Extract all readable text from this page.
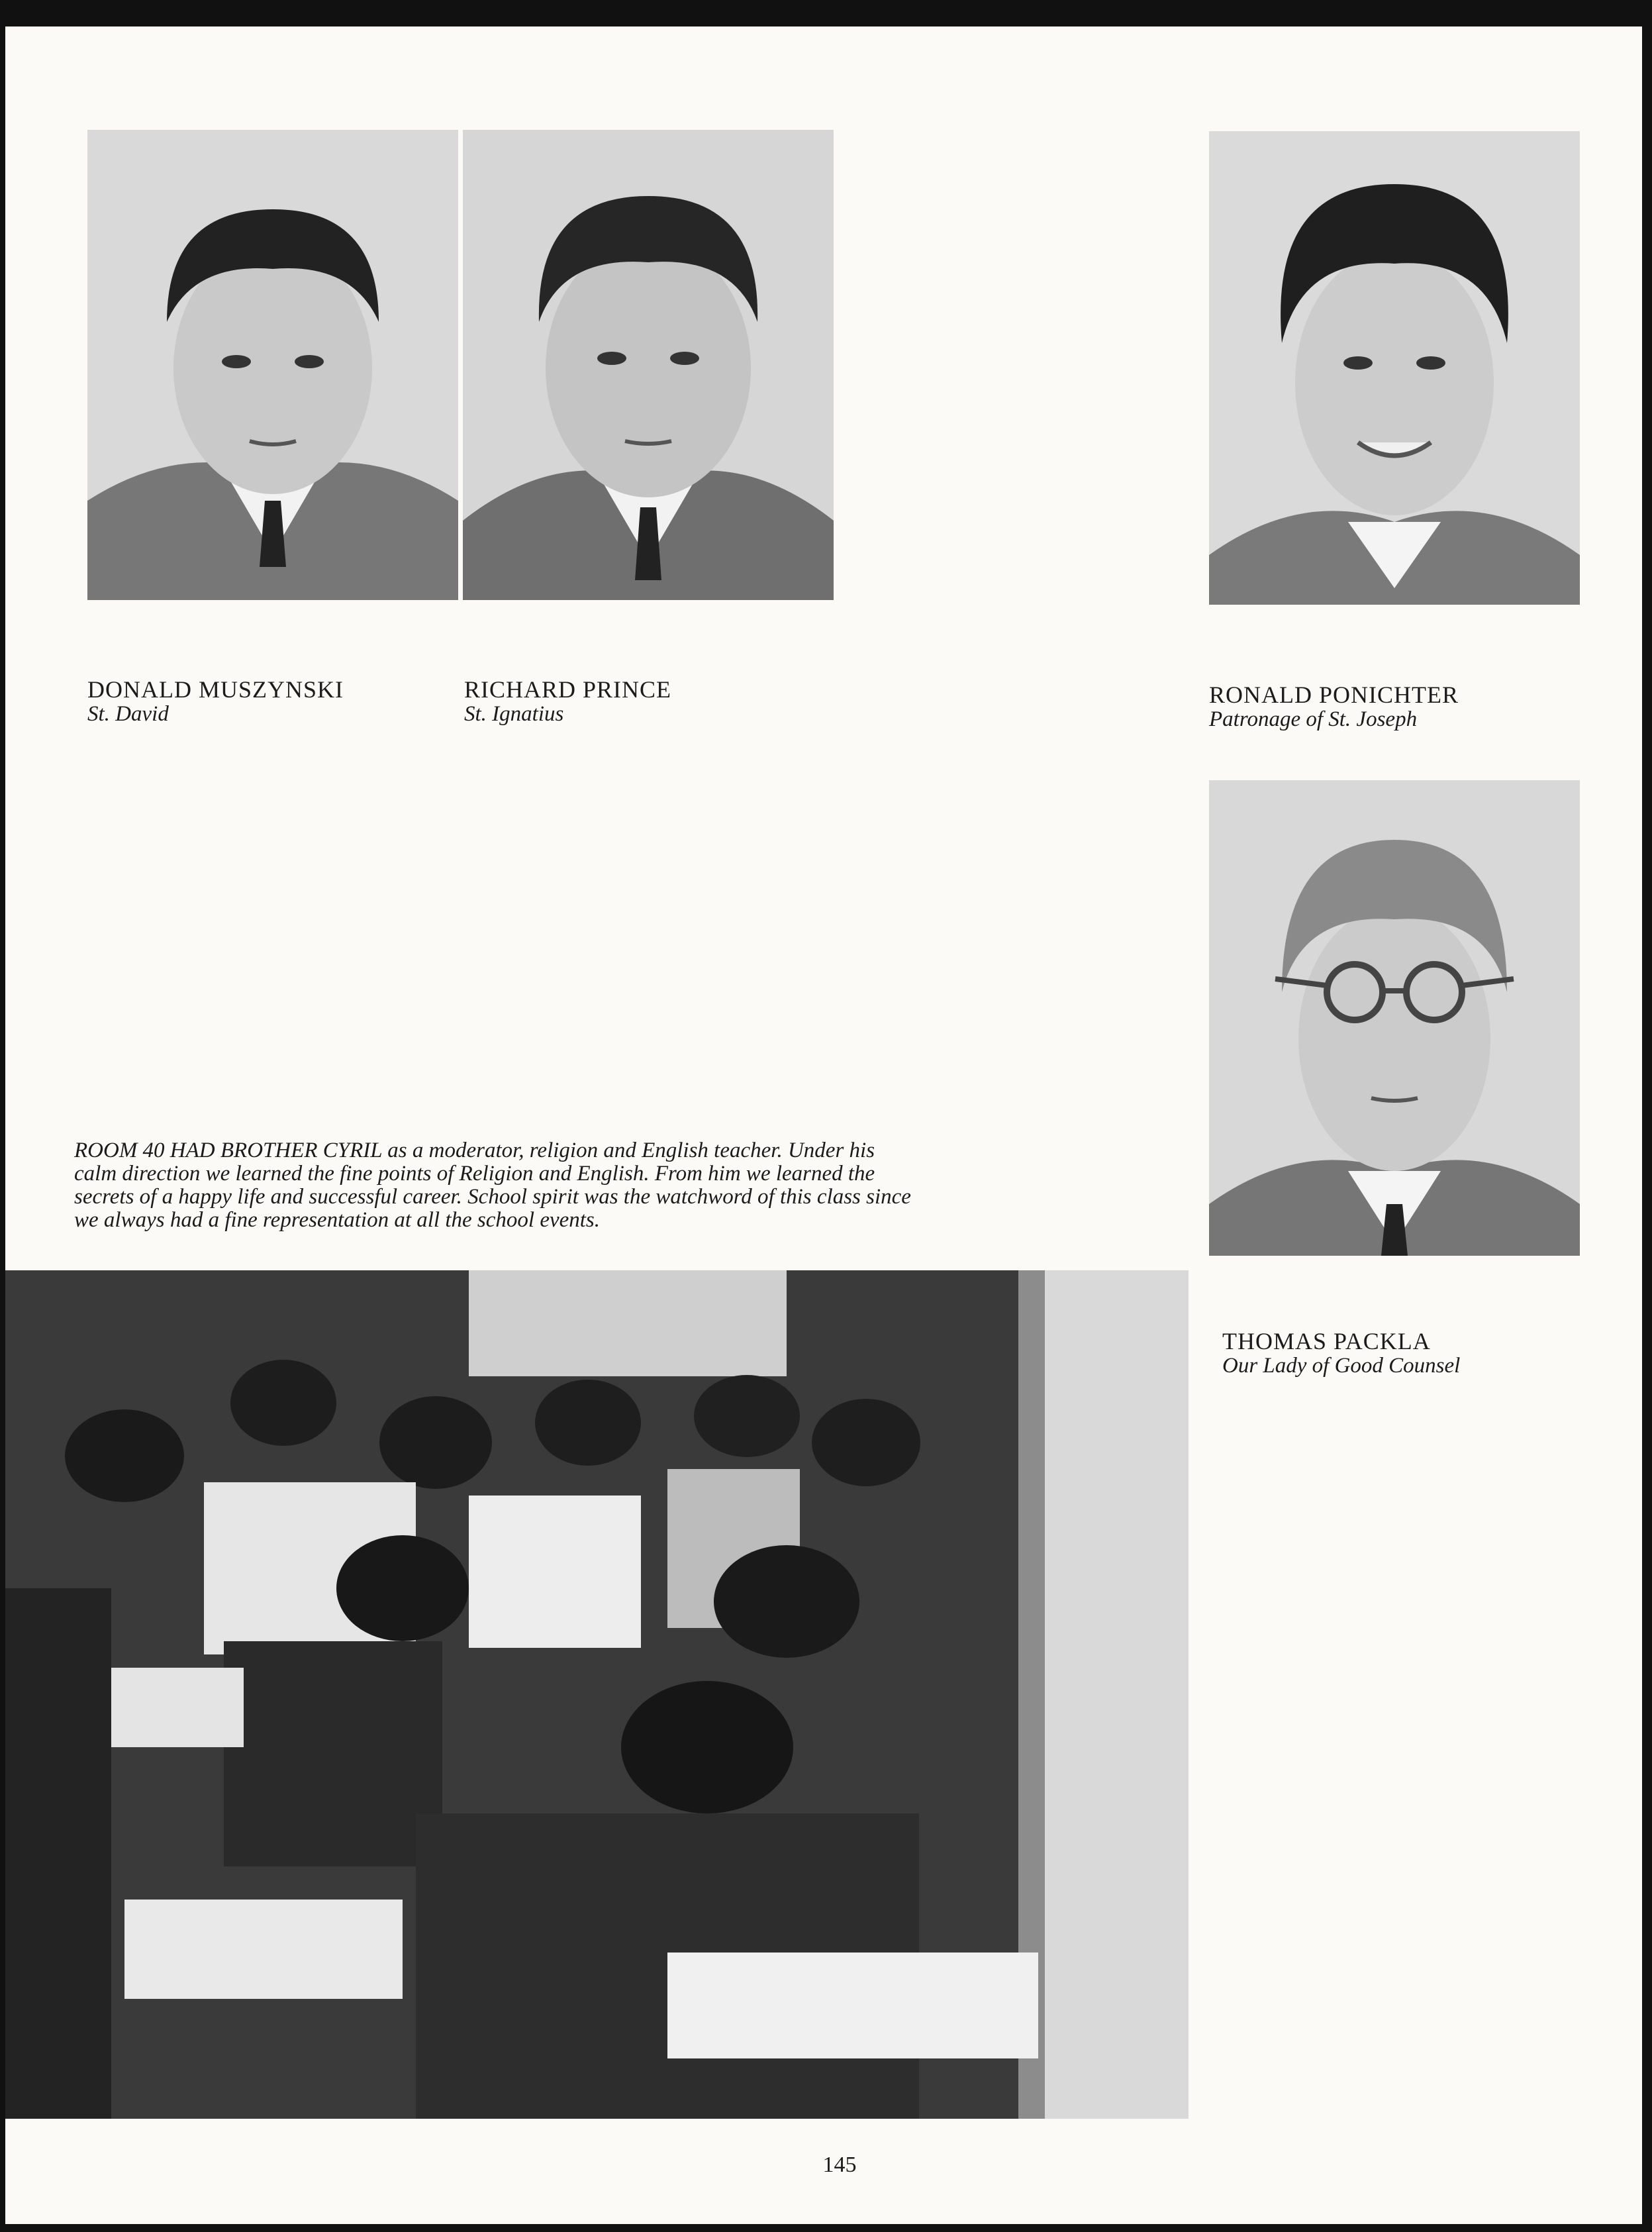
DONALD MUSZYNSKI
St. David
RICHARD PRINCE
St. Ignatius
RONALD PONICHTER
Patronage of St. Joseph
THOMAS PACKLA
Our Lady of Good Counsel
ROOM 40 HAD BROTHER CYRIL as a moderator, religion and English teacher. Under his
calm direction we learned the fine points of Religion and English. From him we learned the
secrets of a happy life and successful career. School spirit was the watchword of this class since
we always had a fine representation at all the school events.
145
